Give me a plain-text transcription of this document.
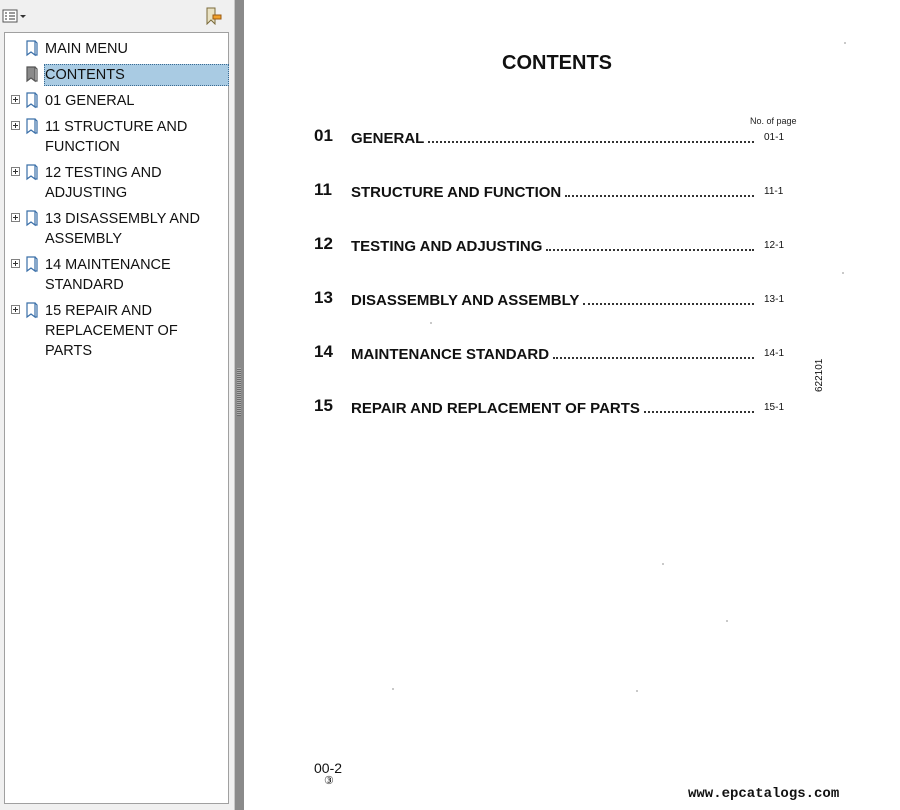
MAIN MENU
CONTENTS
01 GENERAL
11 STRUCTURE AND
FUNCTION
12 TESTING AND
ADJUSTING
13 DISASSEMBLY AND
ASSEMBLY
14 MAINTENANCE
STANDARD
15 REPAIR AND
REPLACEMENT OF PARTS
CONTENTS
No. of page
01 GENERAL	01-1
11 STRUCTURE AND FUNCTION	11-1
12 TESTING AND ADJUSTING	12-1
13 DISASSEMBLY AND ASSEMBLY	13-1
14 MAINTENANCE STANDARD	14-1
15 REPAIR AND REPLACEMENT OF PARTS	15-1
622101
00-2
③
www.epcatalogs.com
